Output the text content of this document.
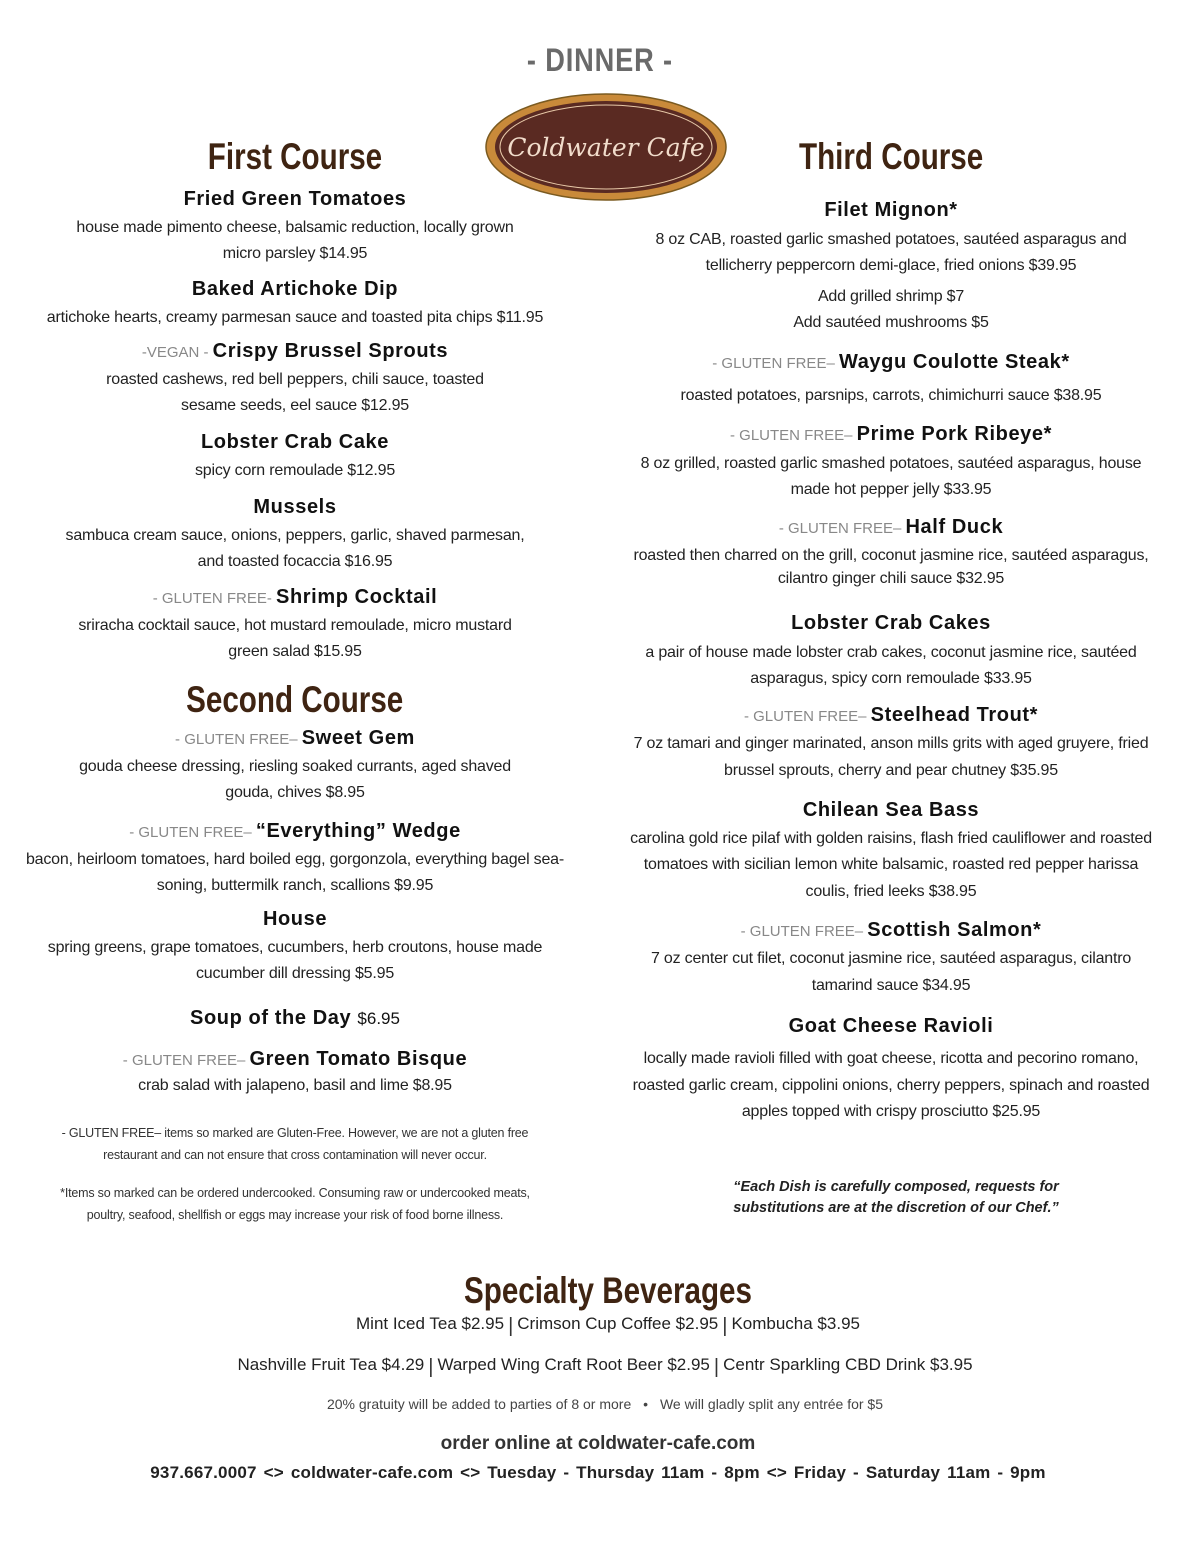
- DINNER -
Coldwater Cafe
First Course
Second Course
Fried Green Tomatoes
house made pimento cheese, balsamic reduction, locally grown
micro parsley $14.95
Baked Artichoke Dip
artichoke hearts, creamy parmesan sauce and toasted pita chips $11.95
-VEGAN - Crispy Brussel Sprouts
roasted cashews, red bell peppers, chili sauce, toasted
sesame seeds, eel sauce $12.95
Lobster Crab Cake
spicy corn remoulade $12.95
Mussels
sambuca cream sauce, onions, peppers, garlic, shaved parmesan,
and toasted focaccia $16.95
- GLUTEN FREE- Shrimp Cocktail
sriracha cocktail sauce, hot mustard remoulade, micro mustard
green salad $15.95
- GLUTEN FREE– Sweet Gem
gouda cheese dressing, riesling soaked currants, aged shaved
gouda, chives $8.95
- GLUTEN FREE– “Everything” Wedge
bacon, heirloom tomatoes, hard boiled egg, gorgonzola, everything bagel sea-
soning, buttermilk ranch, scallions $9.95
House
spring greens, grape tomatoes, cucumbers, herb croutons, house made
cucumber dill dressing $5.95
Soup of the Day $6.95
- GLUTEN FREE– Green Tomato Bisque
crab salad with jalapeno, basil and lime $8.95
Third Course
Filet Mignon*
8 oz CAB, roasted garlic smashed potatoes, sautéed asparagus and
tellicherry peppercorn demi-glace, fried onions $39.95
Add grilled shrimp $7
Add sautéed mushrooms $5
- GLUTEN FREE– Waygu Coulotte Steak*
roasted potatoes, parsnips, carrots, chimichurri sauce $38.95
- GLUTEN FREE– Prime Pork Ribeye*
8 oz grilled, roasted garlic smashed potatoes, sautéed asparagus, house
made hot pepper jelly $33.95
- GLUTEN FREE– Half Duck
roasted then charred on the grill, coconut jasmine rice, sautéed asparagus,
cilantro ginger chili sauce $32.95
Lobster Crab Cakes
a pair of house made lobster crab cakes, coconut jasmine rice, sautéed
asparagus, spicy corn remoulade $33.95
- GLUTEN FREE– Steelhead Trout*
7 oz tamari and ginger marinated, anson mills grits with aged gruyere, fried
brussel sprouts, cherry and pear chutney $35.95
Chilean Sea Bass
carolina gold rice pilaf with golden raisins, flash fried cauliflower and roasted
tomatoes with sicilian lemon white balsamic, roasted red pepper harissa
coulis, fried leeks $38.95
- GLUTEN FREE– Scottish Salmon*
7 oz center cut filet, coconut jasmine rice, sautéed asparagus, cilantro
tamarind sauce $34.95
Goat Cheese Ravioli
locally made ravioli filled with goat cheese, ricotta and pecorino romano,
roasted garlic cream, cippolini onions, cherry peppers, spinach and roasted
apples topped with crispy prosciutto $25.95
- GLUTEN FREE– items so marked are Gluten-Free. However, we are not a gluten free
restaurant and can not ensure that cross contamination will never occur.
*Items so marked can be ordered undercooked. Consuming raw or undercooked meats,
poultry, seafood, shellfish or eggs may increase your risk of food borne illness.
“Each Dish is carefully composed, requests for
substitutions are at the discretion of our Chef.”
Specialty Beverages
Mint Iced Tea $2.95 | Crimson Cup Coffee $2.95 | Kombucha $3.95
Nashville Fruit Tea $4.29 | Warped Wing Craft Root Beer $2.95 | Centr Sparkling CBD Drink $3.95
20% gratuity will be added to parties of 8 or more • We will gladly split any entrée for $5
order online at coldwater-cafe.com
937.667.0007 <> coldwater-cafe.com <> Tuesday - Thursday 11am - 8pm <> Friday - Saturday 11am - 9pm
